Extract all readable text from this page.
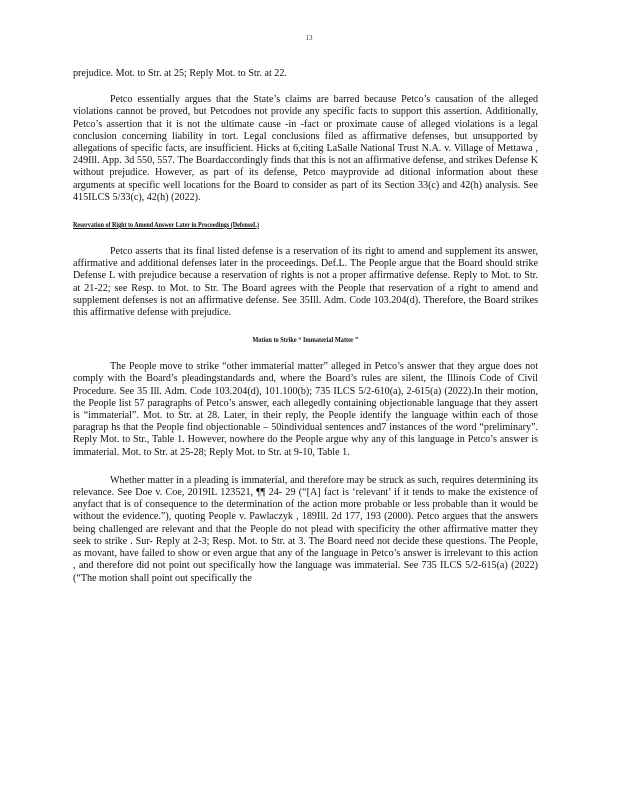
13

prejudice. Mot. to Str. at 25; Reply Mot. to Str. at 22.

Petco essentially argues that the State’s claims are barred because Petco’s causation of the alleged violations cannot be proved, but Petcodoes not provide any specific facts to support this assertion. Additionally, Petco’s assertion that it is not the ultimate cause -in -fact or proximate cause of alleged violations is a legal conclusion concerning liability in tort. Legal conclusions filed as affirmative defenses, but unsupported by allegations of specific facts, are insufficient. Hicks at 6,citing LaSalle National Trust N.A. v. Village of Mettawa , 249Ill. App. 3d 550, 557. The Boardaccordingly finds that this is not an affirmative defense, and strikes Defense K without prejudice. However, as part of its defense, Petco mayprovide ad ditional information about these arguments at specific well locations for the Board to consider as part of its Section 33(c) and 42(h) analysis. See 415ILCS 5/33(c), 42(h) (2022).

Reservation of Right to Amend Answer Later in Proceedings (DefenseL)

Petco asserts that its final listed defense is a reservation of its right to amend and supplement its answer, affirmative and additional defenses later in the proceedings. Def.L. The People argue that the Board should strike Defense L with prejudice because a reservation of rights is not a proper affirmative defense. Reply to Mot. to Str. at 21-22; see Resp. to Mot. to Str. The Board agrees with the People that reservation of a right to amend and supplement defenses is not an affirmative defense. See 35Ill. Adm. Code 103.204(d). Therefore, the Board strikes this affirmative defense with prejudice.

Motion to Strike “ Immaterial Matter ”

The People move to strike “other immaterial matter” alleged in Petco’s answer that they argue does not comply with the Board’s pleadingstandards and, where the Board’s rules are silent, the Illinois Code of Civil Procedure. See 35 Ill. Adm. Code 103.204(d), 101.100(b); 735 ILCS 5/2-610(a), 2-615(a) (2022).In their motion, the People list 57 paragraphs of Petco’s answer, each allegedly containing objectionable language that they assert is “immaterial”. Mot. to Str. at 28. Later, in their reply, the People identify the language within each of those paragrap hs that the People find objectionable – 50individual sentences and7 instances of the word “preliminary”. Reply Mot. to Str., Table 1. However, nowhere do the People argue why any of this language in Petco’s answer is immaterial. Mot. to Str. at 25-28; Reply Mot. to Str. at 9-10, Table 1.

Whether matter in a pleading is immaterial, and therefore may be struck as such, requires determining its relevance. See Doe v. Coe, 2019IL 123521, ¶¶ 24- 29 (“[A] fact is ‘relevant’ if it tends to make the existence of anyfact that is of consequence to the determination of the action more probable or less probable than it would be without the evidence.”), quoting People v. Pawlaczyk , 189Ill. 2d 177, 193 (2000). Petco argues that the answers being challenged are relevant and that the People do not plead with specificity the other affirmative matter they seek to strike . Sur- Reply at 2-3; Resp. Mot. to Str. at 3. The Board need not decide these questions. The People, as movant, have failed to show or even argue that any of the language in Petco’s answer is irrelevant to this action , and therefore did not point out specifically how the language was immaterial. See 735 ILCS 5/2-615(a) (2022) (“The motion shall point out specifically the
